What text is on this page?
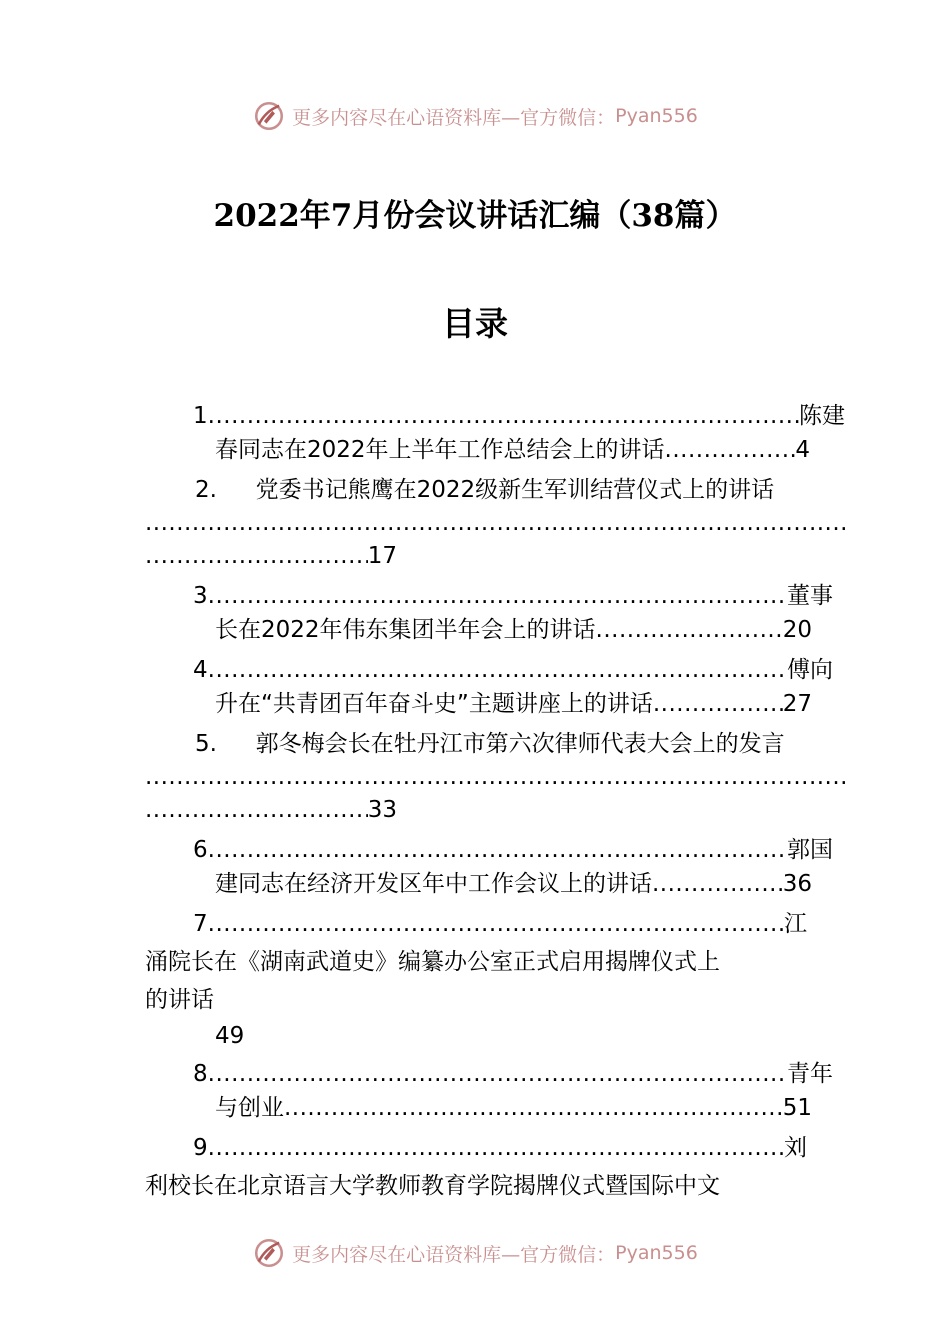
更多内容尽在心语资料库—官方微信： Pyan556
2022年7月份会议讲话汇编（38篇）
目录
1 .....	陈建
春同志在2022年上半年工作总结会上的讲话 .....	4
2. 党委书记熊鹰在2022级新生军训结营仪式上的讲话
.....
.....
17
3 .....	董事
长在2022年伟东集团半年会上的讲话 .....	20
4 .....	傅向
升在“共青团百年奋斗史”主题讲座上的讲话 .....	27
5. 郭冬梅会长在牡丹江市第六次律师代表大会上的发言
.....
.....
33
6 .....	郭国
建同志在经济开发区年中工作会议上的讲话 .....	36
7 .....	江
涌院长在《湖南武道史》编纂办公室正式启用揭牌仪式上
的讲话
49
8 .....	青年
与创业 .....	51
9 .....	刘
利校长在北京语言大学教师教育学院揭牌仪式暨国际中文
更多内容尽在心语资料库—官方微信： Pyan556
